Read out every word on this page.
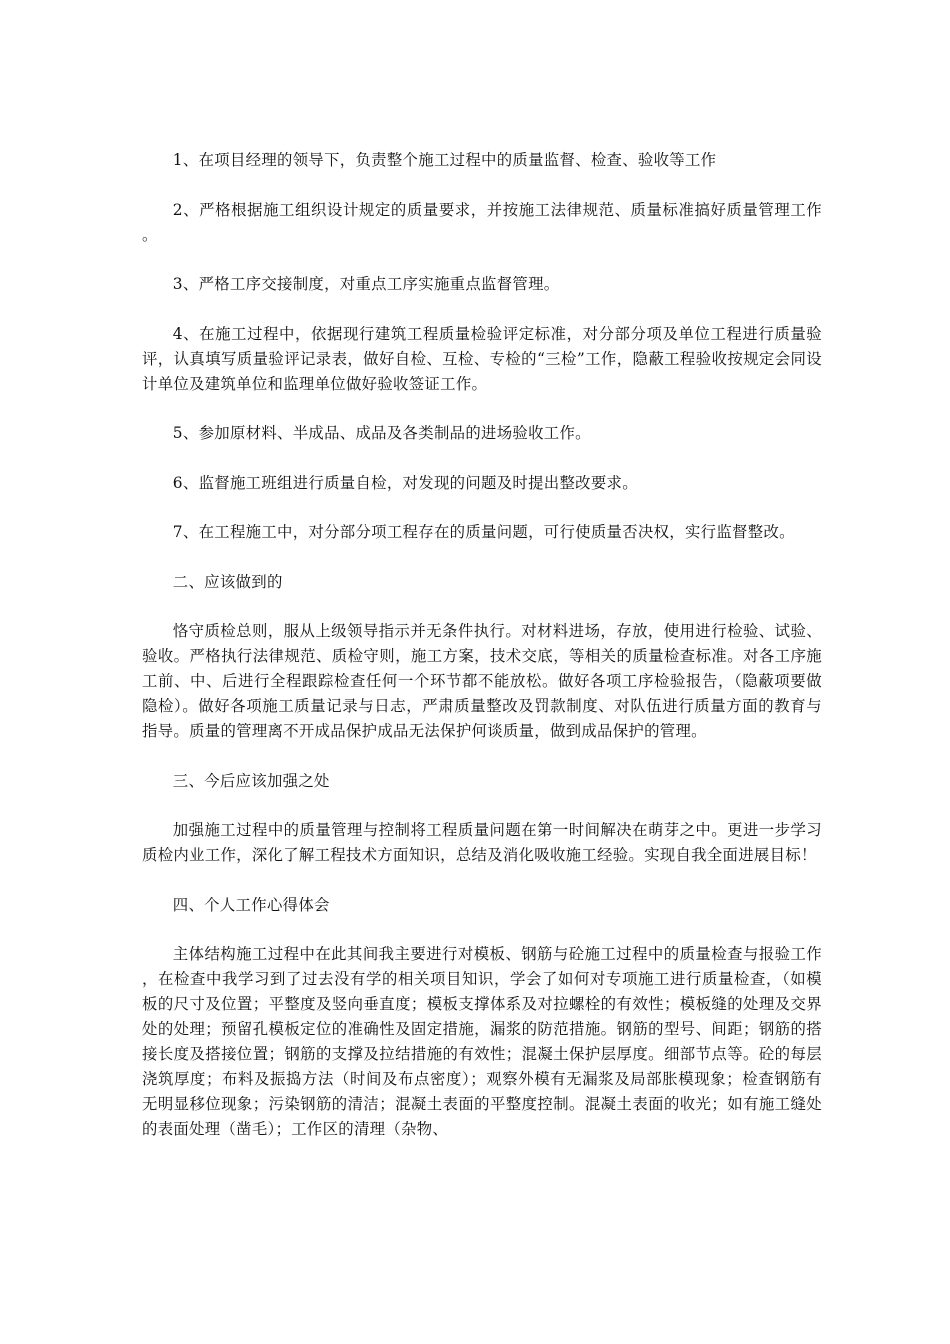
1、在项目经理的领导下，负责整个施工过程中的质量监督、检查、验收等工作

2、严格根据施工组织设计规定的质量要求，并按施工法律规范、质量标准搞好质量管理工作。

3、严格工序交接制度，对重点工序实施重点监督管理。

4、在施工过程中，依据现行建筑工程质量检验评定标准，对分部分项及单位工程进行质量验评，认真填写质量验评记录表，做好自检、互检、专检的“三检”工作，隐蔽工程验收按规定会同设计单位及建筑单位和监理单位做好验收签证工作。

5、参加原材料、半成品、成品及各类制品的进场验收工作。

6、监督施工班组进行质量自检，对发现的问题及时提出整改要求。

7、在工程施工中，对分部分项工程存在的质量问题，可行使质量否决权，实行监督整改。

二、应该做到的

恪守质检总则，服从上级领导指示并无条件执行。对材料进场，存放，使用进行检验、试验、验收。严格执行法律规范、质检守则，施工方案，技术交底，等相关的质量检查标准。对各工序施工前、中、后进行全程跟踪检查任何一个环节都不能放松。做好各项工序检验报告，（隐蔽项要做隐检）。做好各项施工质量记录与日志，严肃质量整改及罚款制度、对队伍进行质量方面的教育与指导。质量的管理离不开成品保护成品无法保护何谈质量，做到成品保护的管理。

三、今后应该加强之处

加强施工过程中的质量管理与控制将工程质量问题在第一时间解决在萌芽之中。更进一步学习质检内业工作，深化了解工程技术方面知识，总结及消化吸收施工经验。实现自我全面进展目标！

四、个人工作心得体会

主体结构施工过程中在此其间我主要进行对模板、钢筋与砼施工过程中的质量检查与报验工作，在检查中我学习到了过去没有学的相关项目知识，学会了如何对专项施工进行质量检查，（如模板的尺寸及位置；平整度及竖向垂直度；模板支撑体系及对拉螺栓的有效性；模板缝的处理及交界处的处理；预留孔模板定位的准确性及固定措施，漏浆的防范措施。钢筋的型号、间距；钢筋的搭接长度及搭接位置；钢筋的支撑及拉结措施的有效性；混凝土保护层厚度。细部节点等。砼的每层浇筑厚度；布料及振捣方法（时间及布点密度）；观察外模有无漏浆及局部胀模现象；检查钢筋有无明显移位现象；污染钢筋的清洁；混凝土表面的平整度控制。混凝土表面的收光；如有施工缝处的表面处理（凿毛）；工作区的清理（杂物、
